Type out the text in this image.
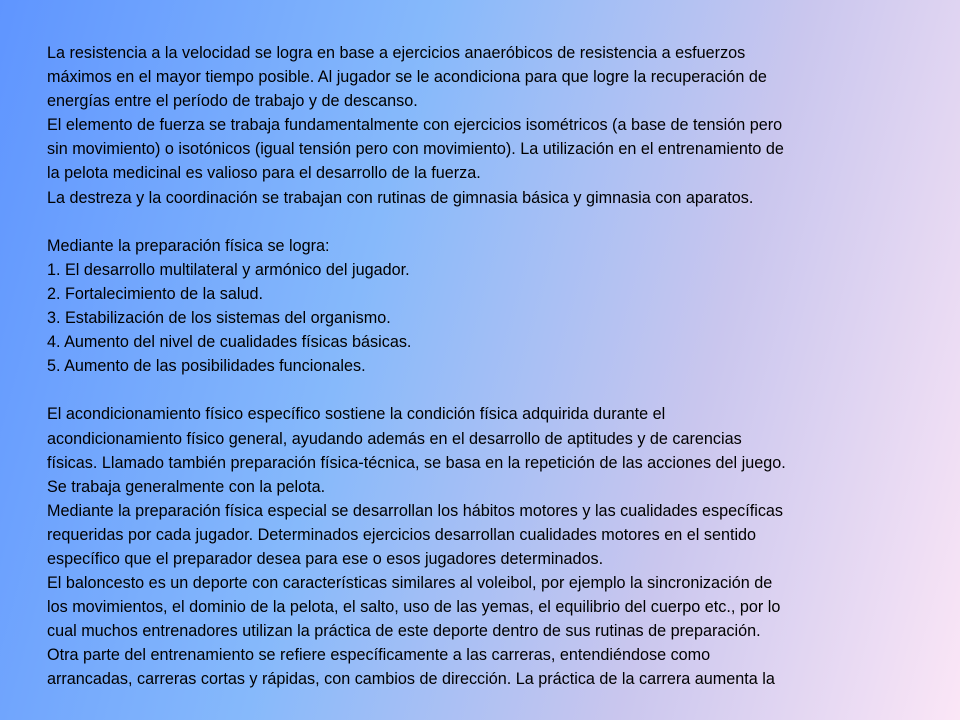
La resistencia a la velocidad se logra en base a ejercicios anaeróbicos de resistencia a esfuerzos
máximos en el mayor tiempo posible. Al jugador se le acondiciona para que logre la recuperación de
energías entre el período de trabajo y de descanso.
El elemento de fuerza se trabaja fundamentalmente con ejercicios isométricos (a base de tensión pero
sin movimiento) o isotónicos (igual tensión pero con movimiento). La utilización en el entrenamiento de
la pelota medicinal es valioso para el desarrollo de la fuerza.
La destreza y la coordinación se trabajan con rutinas de gimnasia básica y gimnasia con aparatos.
Mediante la preparación física se logra:
1. El desarrollo multilateral y armónico del jugador.
2. Fortalecimiento de la salud.
3. Estabilización de los sistemas del organismo.
4. Aumento del nivel de cualidades físicas básicas.
5. Aumento de las posibilidades funcionales.
El acondicionamiento físico específico sostiene la condición física adquirida durante el
acondicionamiento físico general, ayudando además en el desarrollo de aptitudes y de carencias
físicas. Llamado también preparación física-técnica, se basa en la repetición de las acciones del juego.
Se trabaja generalmente con la pelota.
Mediante la preparación física especial se desarrollan los hábitos motores y las cualidades específicas
requeridas por cada jugador. Determinados ejercicios desarrollan cualidades motores en el sentido
específico que el preparador desea para ese o esos jugadores determinados.
El baloncesto es un deporte con características similares al voleibol, por ejemplo la sincronización de
los movimientos, el dominio de la pelota, el salto, uso de las yemas, el equilibrio del cuerpo etc., por lo
cual muchos entrenadores utilizan la práctica de este deporte dentro de sus rutinas de preparación.
Otra parte del entrenamiento se refiere específicamente a las carreras, entendiéndose como
arrancadas, carreras cortas y rápidas, con cambios de dirección. La práctica de la carrera aumenta la
